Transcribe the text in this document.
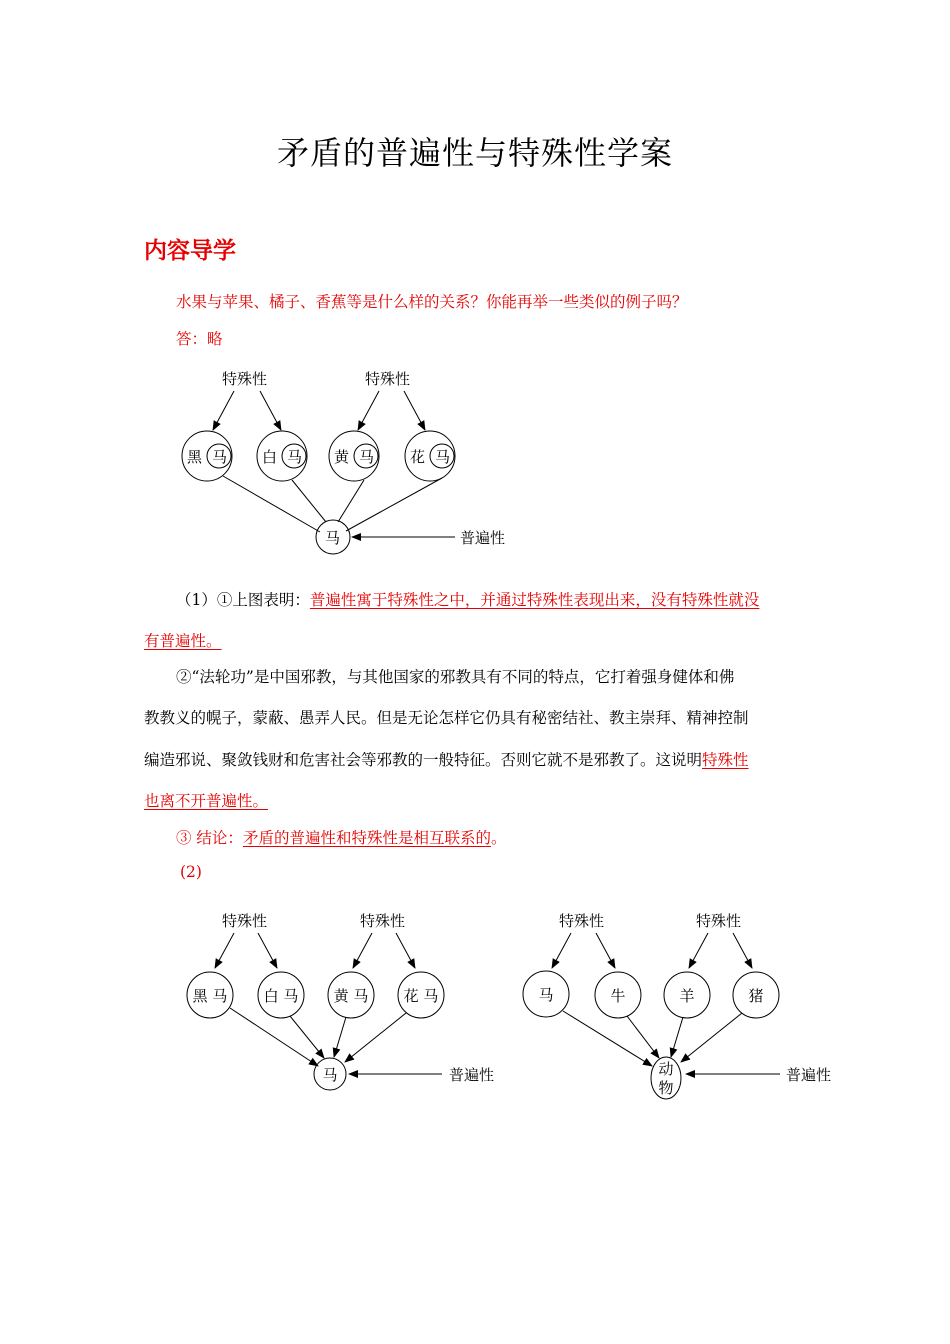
矛盾的普遍性与特殊性学案
内容导学
水果与苹果、橘子、香蕉等是什么样的关系？你能再举一些类似的例子吗？
答：略
特殊性	特殊性
黑 马 白 马 黄 马 花 马
马	普遍性
（1）①上图表明：普遍性寓于特殊性之中，并通过特殊性表现出来，没有特殊性就没
有普遍性。
②“法轮功”是中国邪教，与其他国家的邪教具有不同的特点，它打着强身健体和佛
教教义的幌子，蒙蔽、愚弄人民。但是无论怎样它仍具有秘密结社、教主崇拜、精神控制
编造邪说、聚敛钱财和危害社会等邪教的一般特征。否则它就不是邪教了。这说明特殊性
也离不开普遍性。
③ 结论：矛盾的普遍性和特殊性是相互联系的。
(2)
特殊性	特殊性	特殊性	特殊性
黑 马 白 马 黄 马 花 马
马	普遍性
马	牛	羊	猪
动
物
普遍性
